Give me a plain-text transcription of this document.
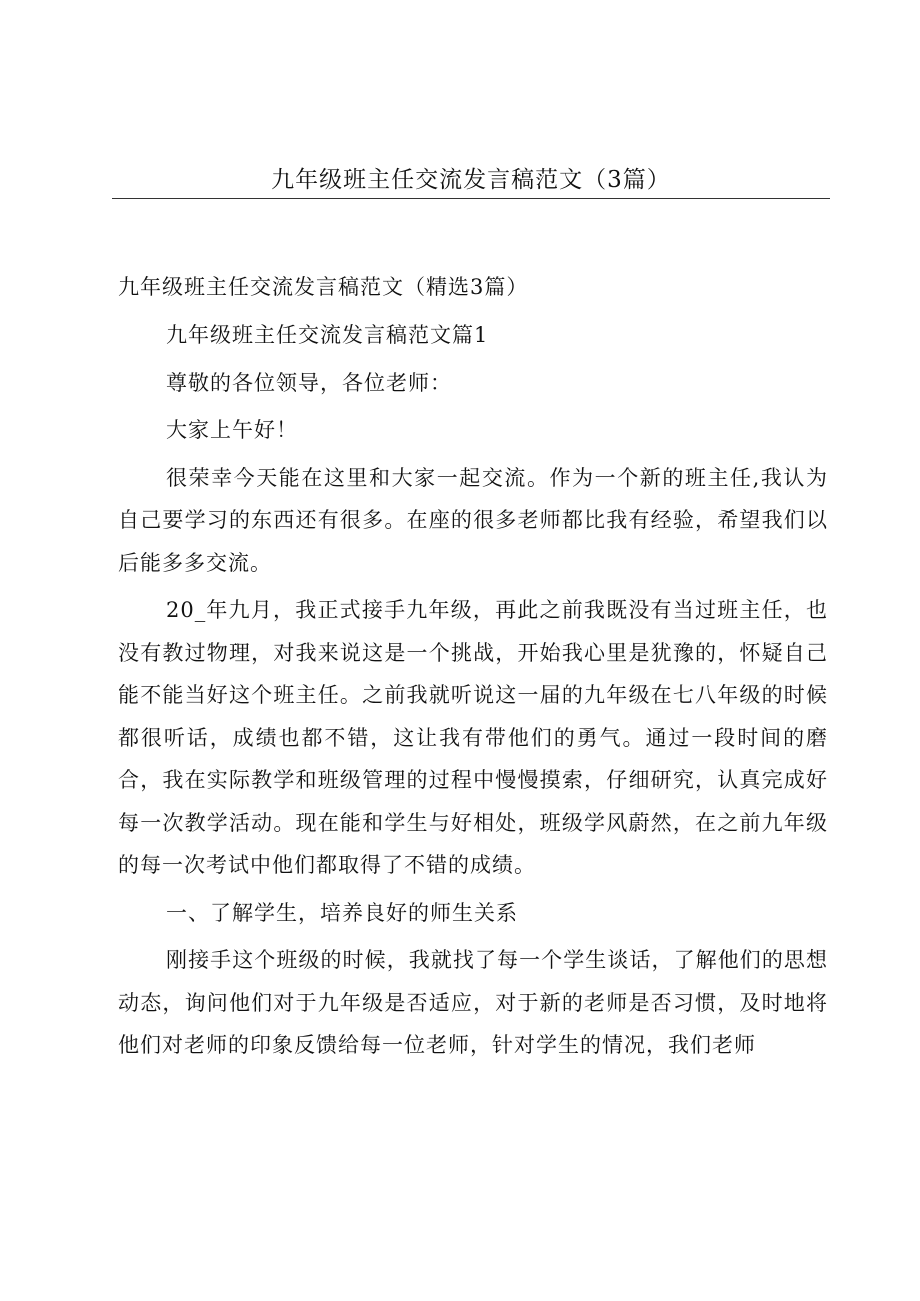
九年级班主任交流发言稿范文（3篇）
九年级班主任交流发言稿范文（精选3篇）

九年级班主任交流发言稿范文篇1

尊敬的各位领导，各位老师：

大家上午好！

很荣幸今天能在这里和大家一起交流。作为一个新的班主任,我认为自己要学习的东西还有很多。在座的很多老师都比我有经验，希望我们以后能多多交流。

20_年九月，我正式接手九年级，再此之前我既没有当过班主任，也没有教过物理，对我来说这是一个挑战，开始我心里是犹豫的，怀疑自己能不能当好这个班主任。之前我就听说这一届的九年级在七八年级的时候都很听话，成绩也都不错，这让我有带他们的勇气。通过一段时间的磨合，我在实际教学和班级管理的过程中慢慢摸索，仔细研究，认真完成好每一次教学活动。现在能和学生与好相处，班级学风蔚然，在之前九年级的每一次考试中他们都取得了不错的成绩。

一、了解学生，培养良好的师生关系

刚接手这个班级的时候，我就找了每一个学生谈话，了解他们的思想动态，询问他们对于九年级是否适应，对于新的老师是否习惯，及时地将他们对老师的印象反馈给每一位老师，针对学生的情况，我们老师
